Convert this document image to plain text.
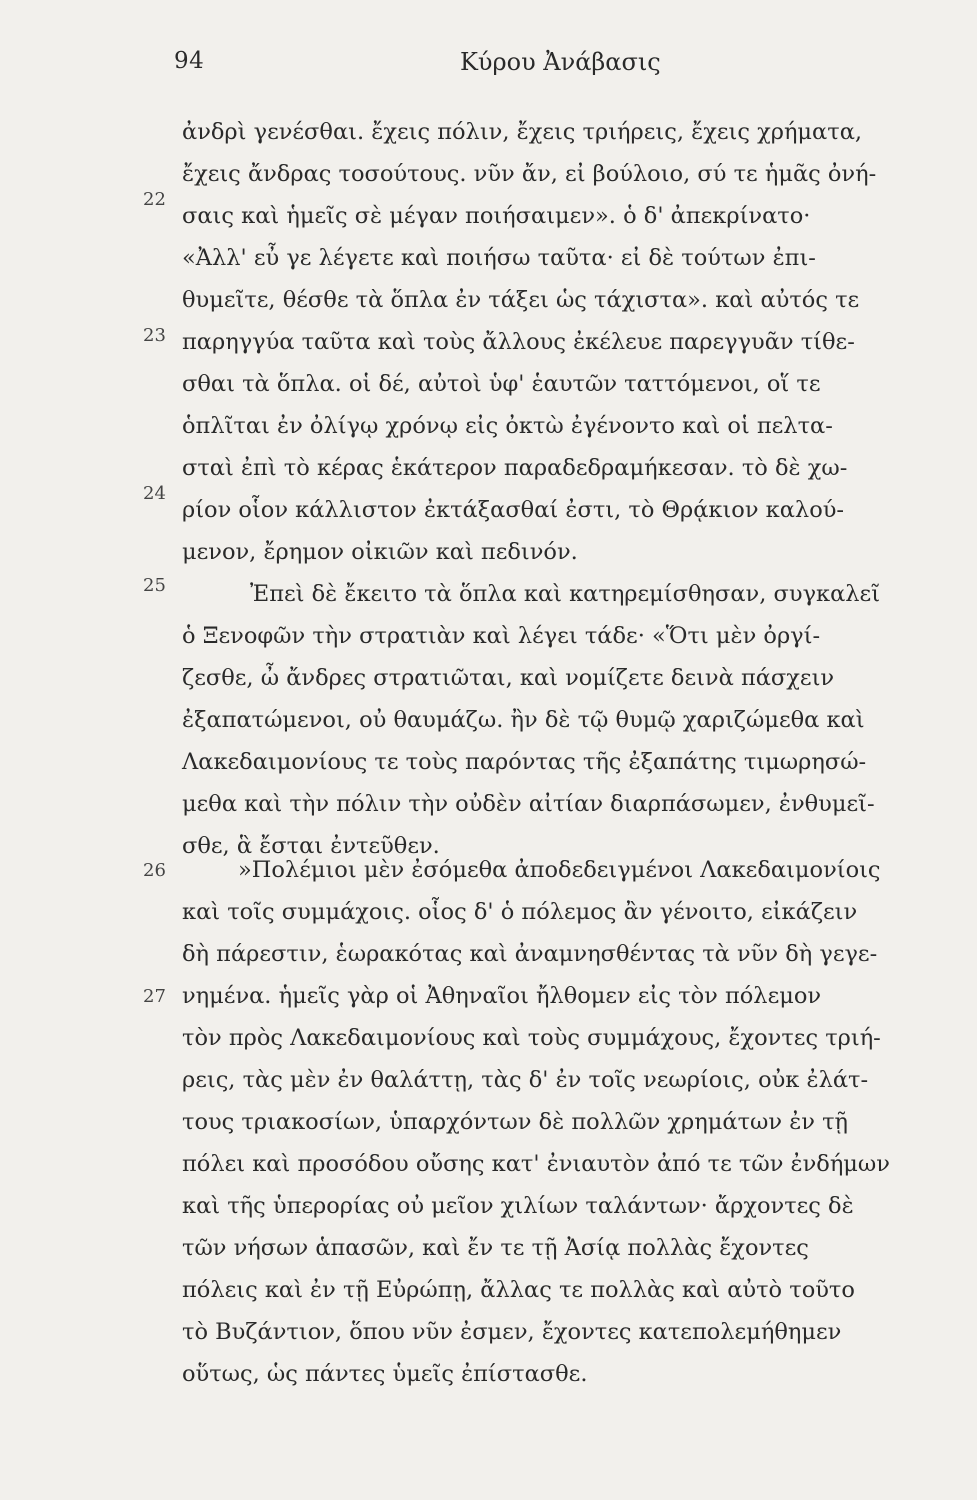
94	Κύρου Ἀνάβασις
22
23
24
25
26
27
ἀνδρὶ γενέσθαι. ἔχεις πόλιν, ἔχεις τριήρεις, ἔχεις χρήματα,
ἔχεις ἄνδρας τοσούτους. νῦν ἄν, εἰ βούλοιο, σύ τε ἡμᾶς ὀνή-
σαις καὶ ἡμεῖς σὲ μέγαν ποιήσαιμεν». ὁ δ' ἀπεκρίνατο·
«Ἀλλ' εὖ γε λέγετε καὶ ποιήσω ταῦτα· εἰ δὲ τούτων ἐπι-
θυμεῖτε, θέσθε τὰ ὅπλα ἐν τάξει ὡς τάχιστα». καὶ αὐτός τε
παρηγγύα ταῦτα καὶ τοὺς ἄλλους ἐκέλευε παρεγγυᾶν τίθε-
σθαι τὰ ὅπλα. οἱ δέ, αὐτοὶ ὑφ' ἑαυτῶν ταττόμενοι, οἵ τε
ὁπλῖται ἐν ὀλίγῳ χρόνῳ εἰς ὀκτὼ ἐγένοντο καὶ οἱ πελτα-
σταὶ ἐπὶ τὸ κέρας ἑκάτερον παραδεδραμήκεσαν. τὸ δὲ χω-
ρίον οἷον κάλλιστον ἐκτάξασθαί ἐστι, τὸ Θρᾴκιον καλού-
μενον, ἔρημον οἰκιῶν καὶ πεδινόν.
Ἐπεὶ δὲ ἔκειτο τὰ ὅπλα καὶ κατηρεμίσθησαν, συγκαλεῖ
ὁ Ξενοφῶν τὴν στρατιὰν καὶ λέγει τάδε· «Ὅτι μὲν ὀργί-
ζεσθε, ὦ ἄνδρες στρατιῶται, καὶ νομίζετε δεινὰ πάσχειν
ἐξαπατώμενοι, οὐ θαυμάζω. ἢν δὲ τῷ θυμῷ χαριζώμεθα καὶ
Λακεδαιμονίους τε τοὺς παρόντας τῆς ἐξαπάτης τιμωρησώ-
μεθα καὶ τὴν πόλιν τὴν οὐδὲν αἰτίαν διαρπάσωμεν, ἐνθυμεῖ-
σθε, ἃ ἔσται ἐντεῦθεν.
»Πολέμιοι μὲν ἐσόμεθα ἀποδεδειγμένοι Λακεδαιμονίοις
καὶ τοῖς συμμάχοις. οἷος δ' ὁ πόλεμος ἂν γένοιτο, εἰκάζειν
δὴ πάρεστιν, ἑωρακότας καὶ ἀναμνησθέντας τὰ νῦν δὴ γεγε-
νημένα. ἡμεῖς γὰρ οἱ Ἀθηναῖοι ἤλθομεν εἰς τὸν πόλεμον
τὸν πρὸς Λακεδαιμονίους καὶ τοὺς συμμάχους, ἔχοντες τριή-
ρεις, τὰς μὲν ἐν θαλάττῃ, τὰς δ' ἐν τοῖς νεωρίοις, οὐκ ἐλάτ-
τους τριακοσίων, ὑπαρχόντων δὲ πολλῶν χρημάτων ἐν τῇ
πόλει καὶ προσόδου οὔσης κατ' ἐνιαυτὸν ἀπό τε τῶν ἐνδήμων
καὶ τῆς ὑπερορίας οὐ μεῖον χιλίων ταλάντων· ἄρχοντες δὲ
τῶν νήσων ἁπασῶν, καὶ ἔν τε τῇ Ἀσίᾳ πολλὰς ἔχοντες
πόλεις καὶ ἐν τῇ Εὐρώπῃ, ἄλλας τε πολλὰς καὶ αὐτὸ τοῦτο
τὸ Βυζάντιον, ὅπου νῦν ἐσμεν, ἔχοντες κατεπολεμήθημεν
οὕτως, ὡς πάντες ὑμεῖς ἐπίστασθε.
